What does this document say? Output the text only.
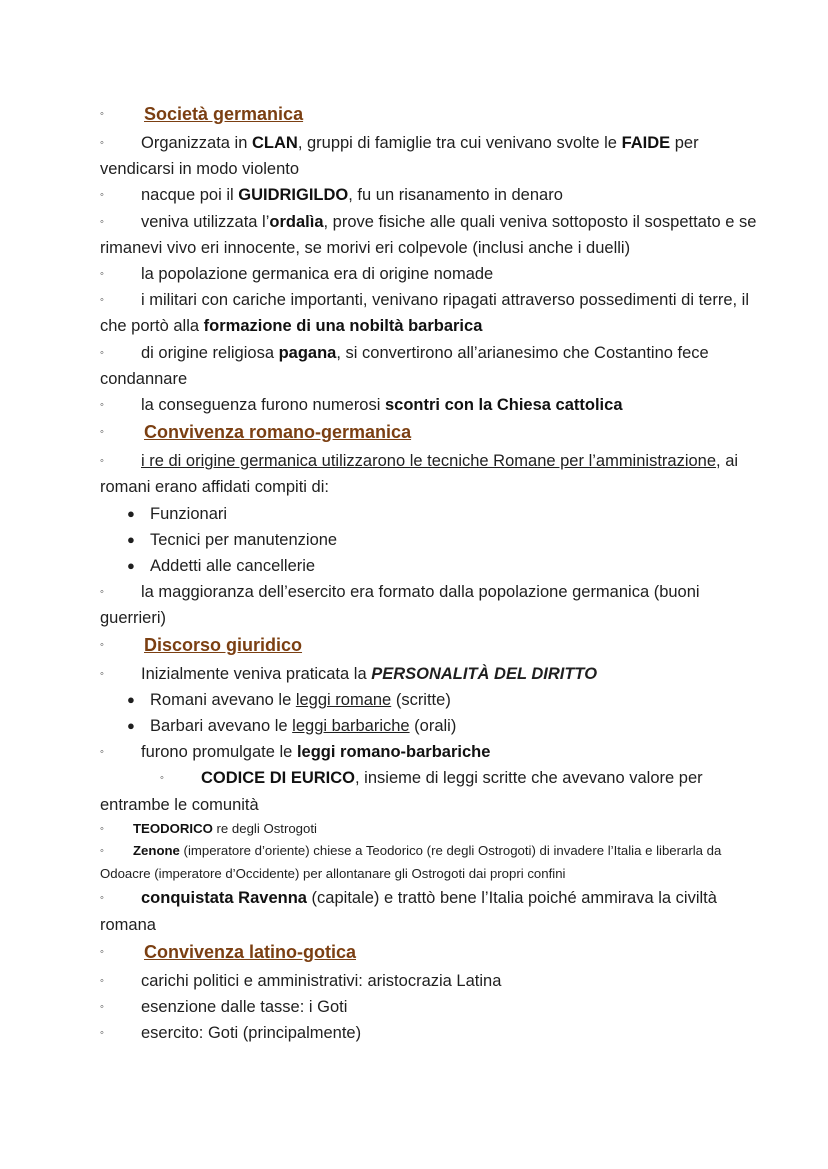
◦	Società germanica

◦	Organizzata in CLAN, gruppi di famiglie tra cui venivano svolte le FAIDE per vendicarsi in modo violento

◦	nacque poi il GUIDRIGILDO, fu un risanamento in denaro

◦	veniva utilizzata l’ordalìa, prove fisiche alle quali veniva sottoposto il sospettato e se rimanevi vivo eri innocente, se morivi eri colpevole (inclusi anche i duelli)

◦	la popolazione germanica era di origine nomade

◦	i militari con cariche importanti, venivano ripagati attraverso possedimenti di terre, il che portò alla formazione di una nobiltà barbarica

◦	di origine religiosa pagana, si convertirono all’arianesimo che Costantino fece condannare

◦	la conseguenza furono numerosi scontri con la Chiesa cattolica

◦	Convivenza romano-germanica

◦	i re di origine germanica utilizzarono le tecniche Romane per l’amministrazione, ai romani erano affidati compiti di:

● Funzionari

● Tecnici per manutenzione

● Addetti alle cancellerie

◦	la maggioranza dell’esercito era formato dalla popolazione germanica (buoni guerrieri)

◦	Discorso giuridico

◦	Inizialmente veniva praticata la PERSONALITÀ DEL DIRITTO

● Romani avevano le leggi romane (scritte)

● Barbari avevano le leggi barbariche (orali)

◦	furono promulgate le leggi romano-barbariche

◦	CODICE DI EURICO, insieme di leggi scritte che avevano valore per entrambe le comunità

◦	TEODORICO re degli Ostrogoti

◦	Zenone (imperatore d’oriente) chiese a Teodorico (re degli Ostrogoti) di invadere l’Italia e liberarla da Odoacre (imperatore d’Occidente) per allontanare gli Ostrogoti dai propri confini

◦	conquistata Ravenna (capitale) e trattò bene l’Italia poiché ammirava la civiltà romana

◦	Convivenza latino-gotica

◦	carichi politici e amministrativi: aristocrazia Latina

◦	esenzione dalle tasse: i Goti

◦	esercito: Goti (principalmente)
